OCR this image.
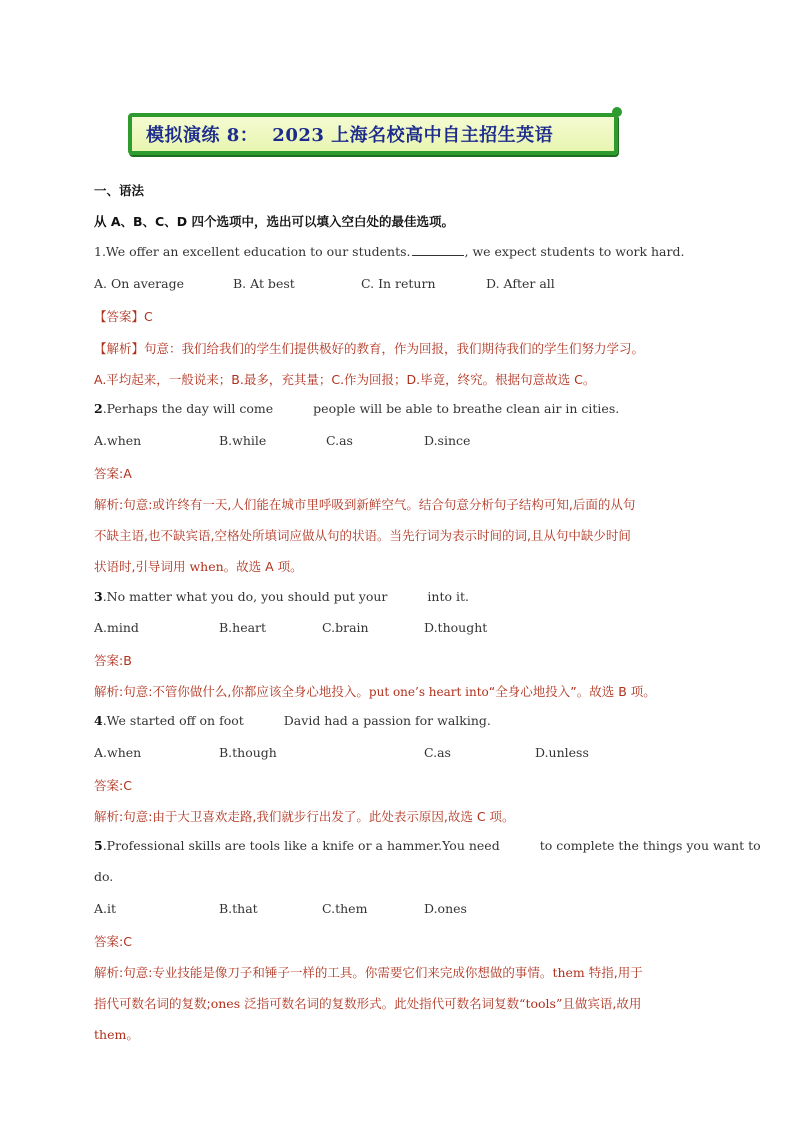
模拟演练 8： 2023 上海名校高中自主招生英语
一、语法
从 A、B、C、D 四个选项中，选出可以填入空白处的最佳选项。
1.We offer an excellent education to our students.	, we expect students to work hard.
A. On average	B. At best	C. In return	D. After all
【答案】C
【解析】句意：我们给我们的学生们提供极好的教育，作为回报，我们期待我们的学生们努力学习。
A.平均起来，一般说来；B.最多，充其量；C.作为回报；D.毕竟，终究。根据句意故选 C。
2.Perhaps the day will come	people will be able to breathe clean air in cities.
A.when	B.while	C.as	D.since
答案:A
解析:句意:或许终有一天,人们能在城市里呼吸到新鲜空气。结合句意分析句子结构可知,后面的从句
不缺主语,也不缺宾语,空格处所填词应做从句的状语。当先行词为表示时间的词,且从句中缺少时间
状语时,引导词用 when。故选 A 项。
3.No matter what you do, you should put your	into it.
A.mind	B.heart	C.brain	D.thought
答案:B
解析:句意:不管你做什么,你都应该全身心地投入。put one’s heart into“全身心地投入”。故选 B 项。
4.We started off on foot	David had a passion for walking.
A.when	B.though	C.as	D.unless
答案:C
解析:句意:由于大卫喜欢走路,我们就步行出发了。此处表示原因,故选 C 项。
5.Professional skills are tools like a knife or a hammer.You need	to complete the things you want to
do.
A.it	B.that	C.them	D.ones
答案:C
解析:句意:专业技能是像刀子和锤子一样的工具。你需要它们来完成你想做的事情。them 特指,用于
指代可数名词的复数;ones 泛指可数名词的复数形式。此处指代可数名词复数“tools”且做宾语,故用
them。
